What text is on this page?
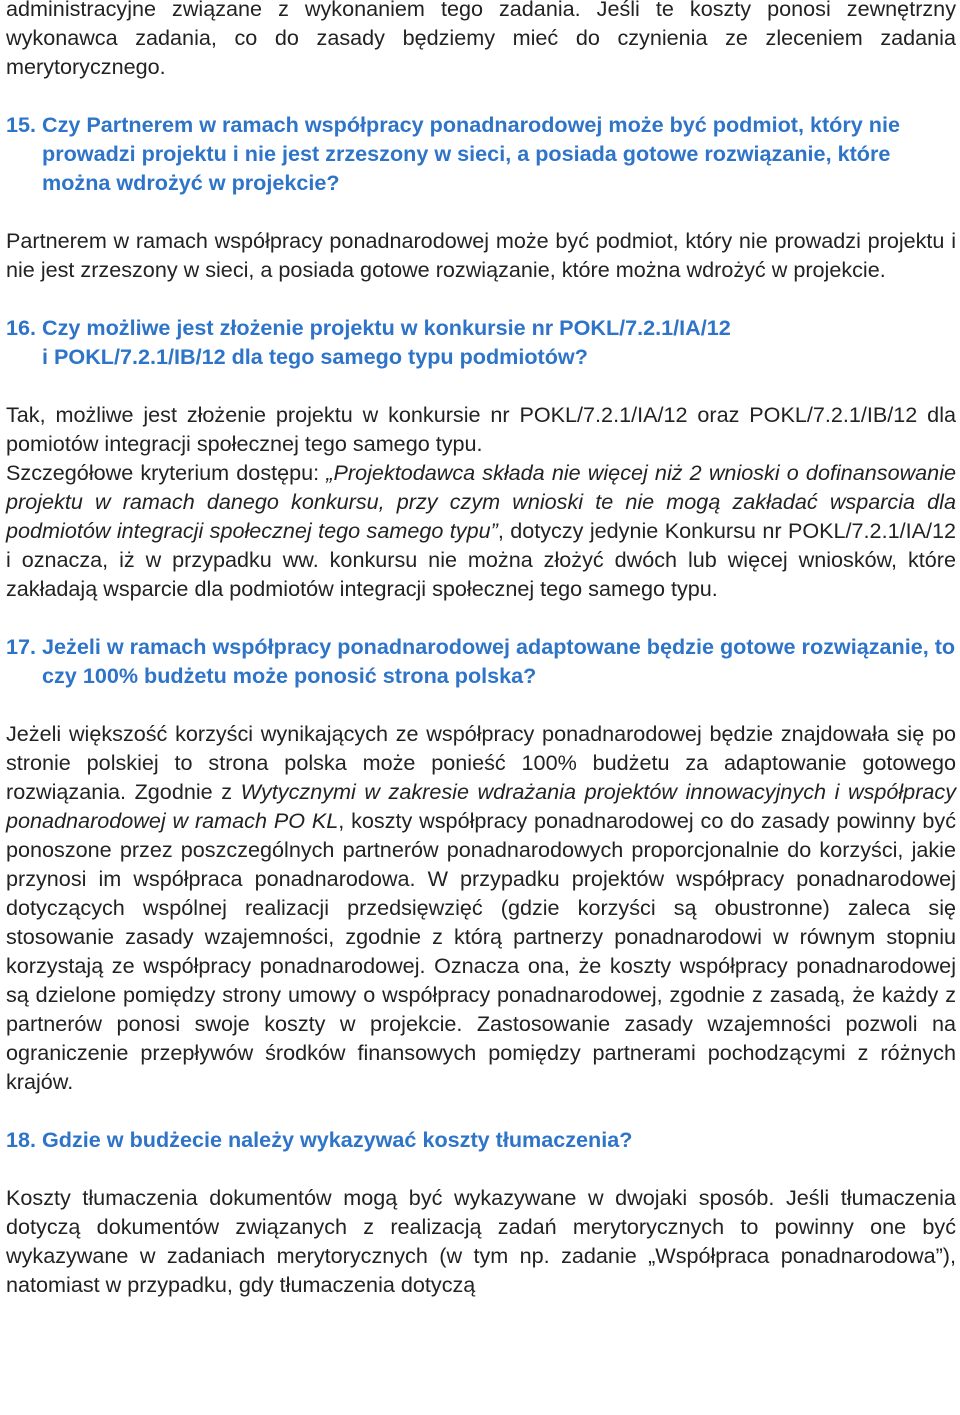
administracyjne związane z wykonaniem tego zadania. Jeśli te koszty ponosi zewnętrzny wykonawca zadania, co do zasady będziemy mieć do czynienia ze zleceniem zadania merytorycznego.

15. Czy Partnerem w ramach współpracy ponadnarodowej może być podmiot, który nie prowadzi projektu i nie jest zrzeszony w sieci, a posiada gotowe rozwiązanie, które można wdrożyć w projekcie?

Partnerem w ramach współpracy ponadnarodowej może być podmiot, który nie prowadzi projektu i nie jest zrzeszony w sieci, a posiada gotowe rozwiązanie, które można wdrożyć w projekcie.

16. Czy możliwe jest złożenie projektu w konkursie nr POKL/7.2.1/IA/12
i POKL/7.2.1/IB/12 dla tego samego typu podmiotów?

Tak, możliwe jest złożenie projektu w konkursie nr POKL/7.2.1/IA/12 oraz POKL/7.2.1/IB/12 dla pomiotów integracji społecznej tego samego typu.

Szczegółowe kryterium dostępu: „Projektodawca składa nie więcej niż 2 wnioski o dofinansowanie projektu w ramach danego konkursu, przy czym wnioski te nie mogą zakładać wsparcia dla podmiotów integracji społecznej tego samego typu”, dotyczy jedynie Konkursu nr POKL/7.2.1/IA/12 i oznacza, iż w przypadku ww. konkursu nie można złożyć dwóch lub więcej wniosków, które zakładają wsparcie dla podmiotów integracji społecznej tego samego typu.

17. Jeżeli w ramach współpracy ponadnarodowej adaptowane będzie gotowe rozwiązanie, to czy 100% budżetu może ponosić strona polska?

Jeżeli większość korzyści wynikających ze współpracy ponadnarodowej będzie znajdowała się po stronie polskiej to strona polska może ponieść 100% budżetu za adaptowanie gotowego rozwiązania. Zgodnie z Wytycznymi w zakresie wdrażania projektów innowacyjnych i współpracy ponadnarodowej w ramach PO KL, koszty współpracy ponadnarodowej co do zasady powinny być ponoszone przez poszczególnych partnerów ponadnarodowych proporcjonalnie do korzyści, jakie przynosi im współpraca ponadnarodowa. W przypadku projektów współpracy ponadnarodowej dotyczących wspólnej realizacji przedsięwzięć (gdzie korzyści są obustronne) zaleca się stosowanie zasady wzajemności, zgodnie z którą partnerzy ponadnarodowi w równym stopniu korzystają ze współpracy ponadnarodowej. Oznacza ona, że koszty współpracy ponadnarodowej są dzielone pomiędzy strony umowy o współpracy ponadnarodowej, zgodnie z zasadą, że każdy z partnerów ponosi swoje koszty w projekcie. Zastosowanie zasady wzajemności pozwoli na ograniczenie przepływów środków finansowych pomiędzy partnerami pochodzącymi z różnych krajów.

18. Gdzie w budżecie należy wykazywać koszty tłumaczenia?

Koszty tłumaczenia dokumentów mogą być wykazywane w dwojaki sposób. Jeśli tłumaczenia dotyczą dokumentów związanych z realizacją zadań merytorycznych to powinny one być wykazywane w zadaniach merytorycznych (w tym np. zadanie „Współpraca ponadnarodowa”), natomiast w przypadku, gdy tłumaczenia dotyczą
